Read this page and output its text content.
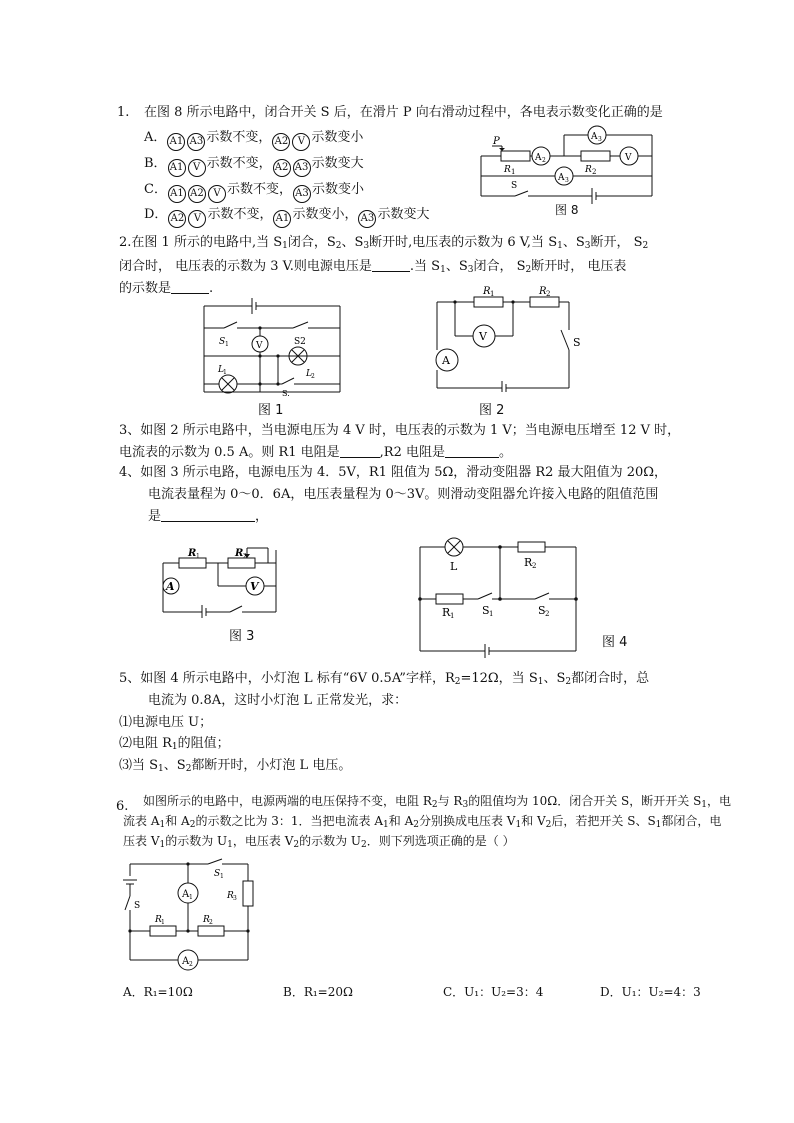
1. 在图 8 所示电路中，闭合开关 S 后，在滑片 P 向右滑动过程中，各电表示数变化正确的是
A． A1 A3 示数不变， A2 V 示数变小
B． A1 V 示数不变， A2 A3 示数变大
C． A1 A2 V 示数不变， A3 示数变小
D． A2 V 示数不变， A1 示数变小， A3 示数变大
P
R 1	R 2
A 2	V
A 3
A 3
S
图 8
2.在图 1 所示的电路中,当 $S_1$闭合，$S_2$、$S_3$断开时,电压表的示数为 6 V,当 $S_1$、$S_3$断开， $S_2$
闭合时， 电压表的示数为 3 V.则电源电压是	.当 $S_1$、$S_3$闭合， $S_2$断开时， 电压表
的示数是	.
S 1	S2
V
L 1	L 2
S.
图 1
R 1	R 2
A
V	S
图 2
3、如图 2 所示电路中，当电源电压为 4 V 时，电压表的示数为 1 V；当电源电压增至 12 V 时，
电流表的示数为 0.5 A。则 R1 电阻是	,R2 电阻是	。
4、如图 3 所示电路，电源电压为 4．5V，R1 阻值为 5Ω，滑动变阻器 R2 最大阻值为 20Ω，
电流表量程为 0～0．6A，电压表量程为 0～3V。则滑动变阻器允许接入电路的阻值范围
是	，
A
R 1	R 2
V
图 3
L	R 2
R 1	S 1	S 2
图 4
5、如图 4 所示电路中，小灯泡 L 标有“6V 0.5A”字样，$R_2=12\Omega$，当 $S_1$、$S_2$都闭合时，总
电流为 0.8A，这时小灯泡 L 正常发光，求：
⑴电源电压 U；
⑵电阻 $R_1$的阻值；
⑶当 $S_1$、$S_2$都断开时，小灯泡 L 电压。
6. 如图所示的电路中，电源两端的电压保持不变，电阻 $R_2$与 $R_3$的阻值均为 10Ω．闭合开关 S，断开开关 $S_1$，电
流表 $A_1$和 $A_2$的示数之比为 3：1．当把电流表 $A_1$和 $A_2$分别换成电压表 $V_1$和 $V_2$后，若把开关 S、$S_1$都闭合，电
压表 $V_1$的示数为 $U_1$，电压表 $V_2$的示数为 $U_2$．则下列选项正确的是（ ）
S 1
A 1	R 3
S
R 1	R 2
A 2
A．R₁=10Ω	B．R₁=20Ω	C．U₁：U₂=3：4	D．U₁：U₂=4：3
